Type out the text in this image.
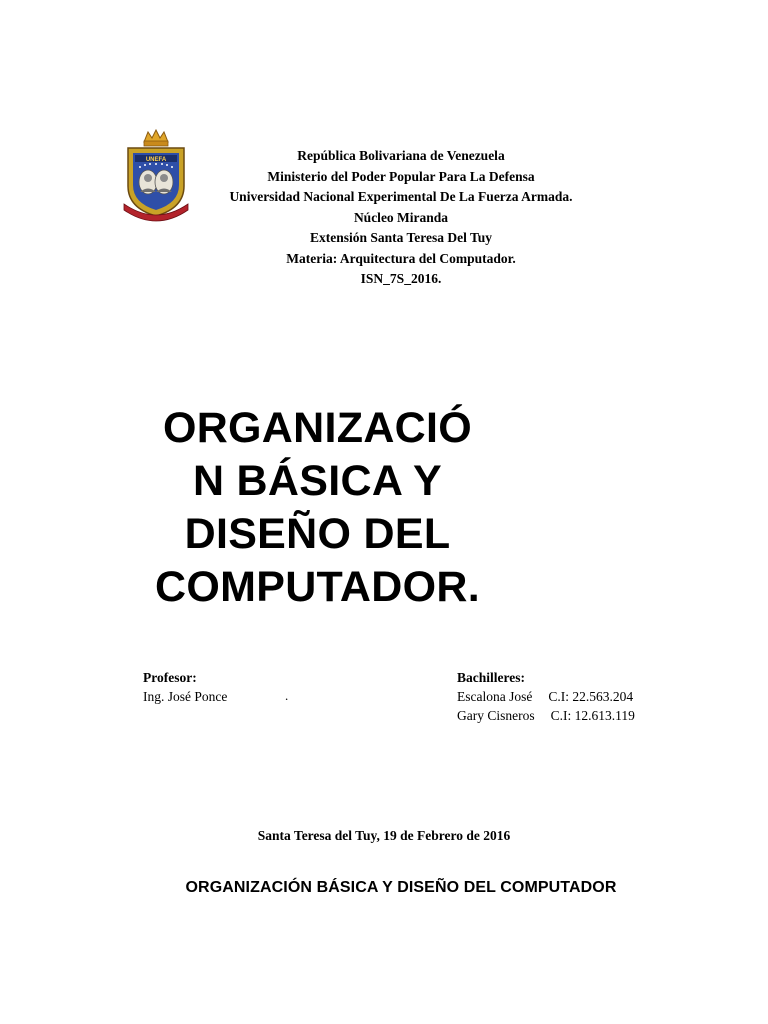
UNEFA	República Bolivariana de Venezuela
Ministerio del Poder Popular Para La Defensa
Universidad Nacional Experimental De La Fuerza Armada.
Núcleo Miranda
Extensión Santa Teresa Del Tuy
Materia: Arquitectura del Computador.
ISN_7S_2016.
ORGANIZACIÓ
N BÁSICA Y
DISEÑO DEL
COMPUTADOR.
Profesor:
Ing. José Ponce	.
Bachilleres:
Escalona José C.I: 22.563.204
Gary Cisneros C.I: 12.613.119
Santa Teresa del Tuy, 19 de Febrero de 2016
ORGANIZACIÓN BÁSICA Y DISEÑO DEL COMPUTADOR
